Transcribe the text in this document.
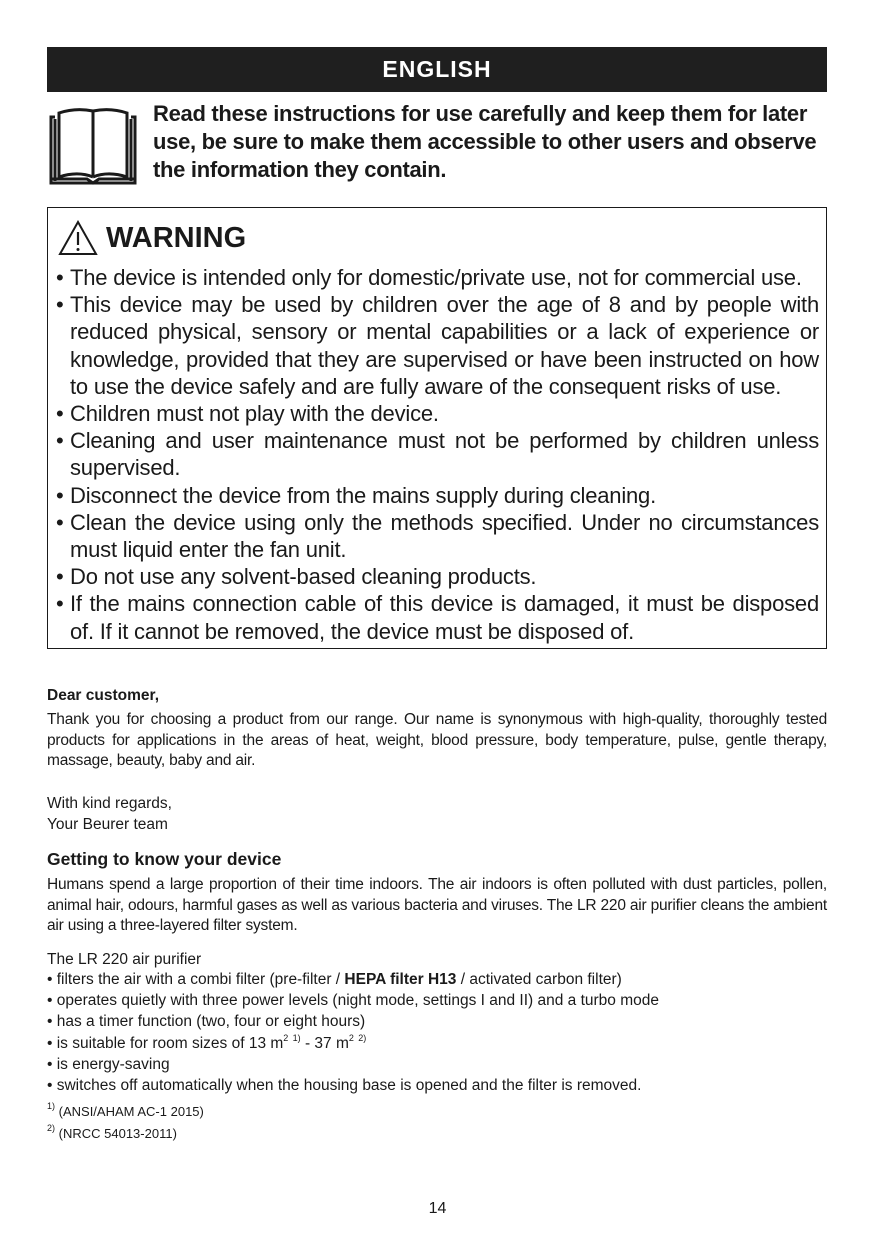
ENGLISH
Read these instructions for use carefully and keep them for later use, be sure to make them accessible to other users and observe the information they contain.
WARNING
• The device is intended only for domestic/private use, not for commercial use.
• This device may be used by children over the age of 8 and by people with reduced physical, sensory or mental capabilities or a lack of experience or knowledge, provided that they are supervised or have been instructed on how to use the device safely and are fully aware of the consequent risks of use.
• Children must not play with the device.
• Cleaning and user maintenance must not be performed by children unless supervised.
• Disconnect the device from the mains supply during cleaning.
• Clean the device using only the methods specified. Under no circumstances must liquid enter the fan unit.
• Do not use any solvent-based cleaning products.
• If the mains connection cable of this device is damaged, it must be disposed of. If it cannot be removed, the device must be disposed of.
Dear customer,
Thank you for choosing a product from our range. Our name is synonymous with high-quality, thoroughly tested products for applications in the areas of heat, weight, blood pressure, body temperature, pulse, gentle therapy, massage, beauty, baby and air.
With kind regards,
Your Beurer team
Getting to know your device
Humans spend a large proportion of their time indoors. The air indoors is often polluted with dust particles, pollen, animal hair, odours, harmful gases as well as various bacteria and viruses. The LR 220 air purifier cleans the ambient air using a three-layered filter system.
The LR 220 air purifier
• filters the air with a combi filter (pre-filter / HEPA filter H13 / activated carbon filter)
• operates quietly with three power levels (night mode, settings I and II) and a turbo mode
• has a timer function (two, four or eight hours)
• is suitable for room sizes of 13 $m^2$ $^{1)}$ - 37 $m^2$ $^{2)}$
• is energy-saving
• switches off automatically when the housing base is opened and the filter is removed.
$^{1)}$ (ANSI/AHAM AC-1 2015)
$^{2)}$ (NRCC 54013-2011)
14
